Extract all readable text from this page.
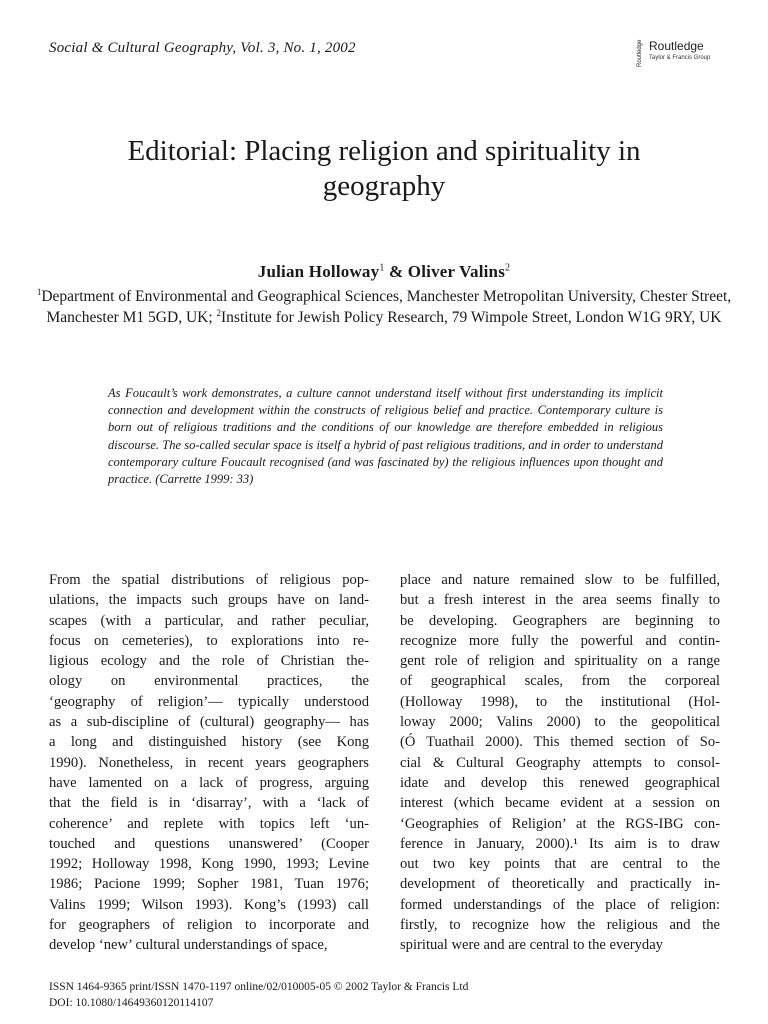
Social & Cultural Geography, Vol. 3, No. 1, 2002	Routledge Routledge
Taylor & Francis Group
Editorial: Placing religion and spirituality in geography
Julian Holloway$^1$ & Oliver Valins$^2$
$^1$Department of Environmental and Geographical Sciences, Manchester Metropolitan University, Chester Street, Manchester M1 5GD, UK; $^2$Institute for Jewish Policy Research, 79 Wimpole Street, London W1G 9RY, UK
As Foucault’s work demonstrates, a culture cannot understand itself without first understanding its implicit connection and development within the constructs of religious belief and practice. Contemporary culture is born out of religious traditions and the conditions of our knowledge are therefore embedded in religious discourse. The so-called secular space is itself a hybrid of past religious traditions, and in order to understand contemporary culture Foucault recognised (and was fascinated by) the religious influences upon thought and practice. (Carrette 1999: 33)
From the spatial distributions of religious pop-
ulations, the impacts such groups have on land-
scapes (with a particular, and rather peculiar,
focus on cemeteries), to explorations into re-
ligious ecology and the role of Christian the-
ology on environmental practices, the
‘geography of religion’— typically understood
as a sub-discipline of (cultural) geography— has
a long and distinguished history (see Kong
1990). Nonetheless, in recent years geographers
have lamented on a lack of progress, arguing
that the field is in ‘disarray’, with a ‘lack of
coherence’ and replete with topics left ‘un-
touched and questions unanswered’ (Cooper
1992; Holloway 1998, Kong 1990, 1993; Levine
1986; Pacione 1999; Sopher 1981, Tuan 1976;
Valins 1999; Wilson 1993). Kong’s (1993) call
for geographers of religion to incorporate and
develop ‘new’ cultural understandings of space,
place and nature remained slow to be fulfilled,
but a fresh interest in the area seems finally to
be developing. Geographers are beginning to
recognize more fully the powerful and contin-
gent role of religion and spirituality on a range
of geographical scales, from the corporeal
(Holloway 1998), to the institutional (Hol-
loway 2000; Valins 2000) to the geopolitical
(Ó Tuathail 2000). This themed section of So-
cial & Cultural Geography attempts to consol-
idate and develop this renewed geographical
interest (which became evident at a session on
‘Geographies of Religion’ at the RGS-IBG con-
ference in January, 2000).¹ Its aim is to draw
out two key points that are central to the
development of theoretically and practically in-
formed understandings of the place of religion:
firstly, to recognize how the religious and the
spiritual were and are central to the everyday
ISSN 1464-9365 print/ISSN 1470-1197 online/02/010005-05 © 2002 Taylor & Francis Ltd
DOI: 10.1080/14649360120114107
